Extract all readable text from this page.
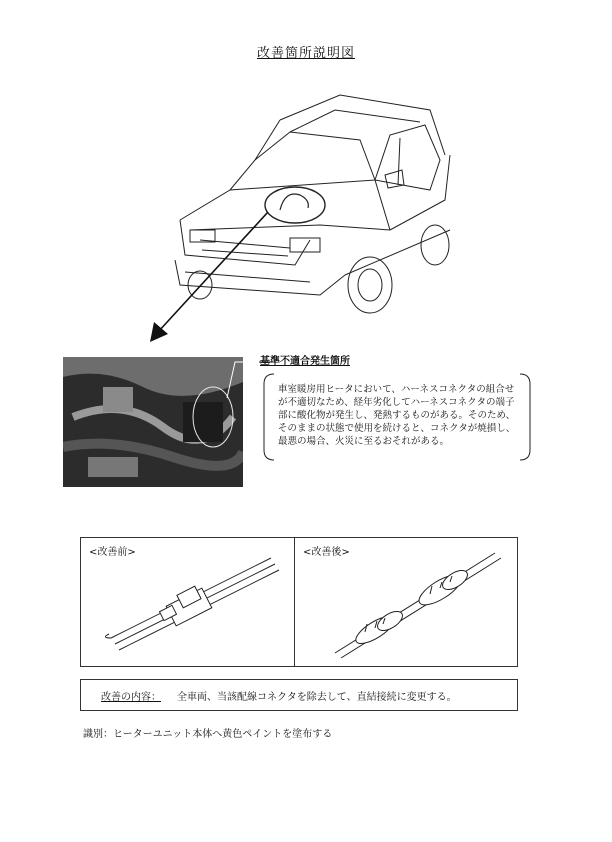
改善箇所説明図
基準不適合発生箇所
車室暖房用ヒータにおいて、ハーネスコネクタの組合せが不適切なため、経年劣化してハーネスコネクタの端子部に酸化物が発生し、発熱するものがある。そのため、そのままの状態で使用を続けると、コネクタが焼損し、最悪の場合、火災に至るおそれがある。
<改善前>	<改善後>
改善の内容： 全車両、当該配線コネクタを除去して、直結接続に変更する。
識別：ヒーターユニット本体へ黄色ペイントを塗布する
